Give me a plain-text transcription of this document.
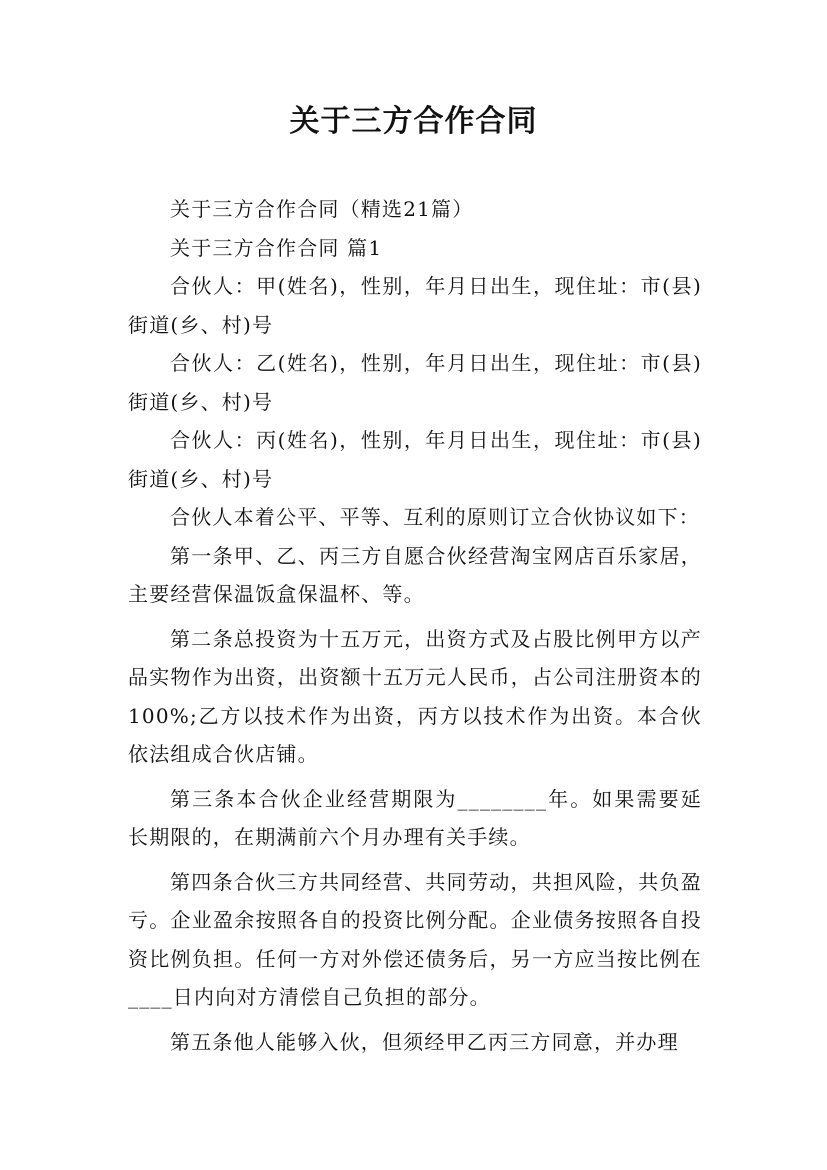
关于三方合作合同

关于三方合作合同（精选21篇）

关于三方合作合同 篇1

合伙人：甲(姓名)，性别，年月日出生，现住址：市(县)街道(乡、村)号

合伙人：乙(姓名)，性别，年月日出生，现住址：市(县)街道(乡、村)号

合伙人：丙(姓名)，性别，年月日出生，现住址：市(县)街道(乡、村)号

合伙人本着公平、平等、互利的原则订立合伙协议如下：

第一条甲、乙、丙三方自愿合伙经营淘宝网店百乐家居，主要经营保温饭盒保温杯、等。

第二条总投资为十五万元，出资方式及占股比例甲方以产品实物作为出资，出资额十五万元人民币，占公司注册资本的100%;乙方以技术作为出资，丙方以技术作为出资。本合伙依法组成合伙店铺。

第三条本合伙企业经营期限为________年。如果需要延长期限的，在期满前六个月办理有关手续。

第四条合伙三方共同经营、共同劳动，共担风险，共负盈亏。企业盈余按照各自的投资比例分配。企业债务按照各自投资比例负担。任何一方对外偿还债务后，另一方应当按比例在____日内向对方清偿自己负担的部分。

第五条他人能够入伙，但须经甲乙丙三方同意，并办理
